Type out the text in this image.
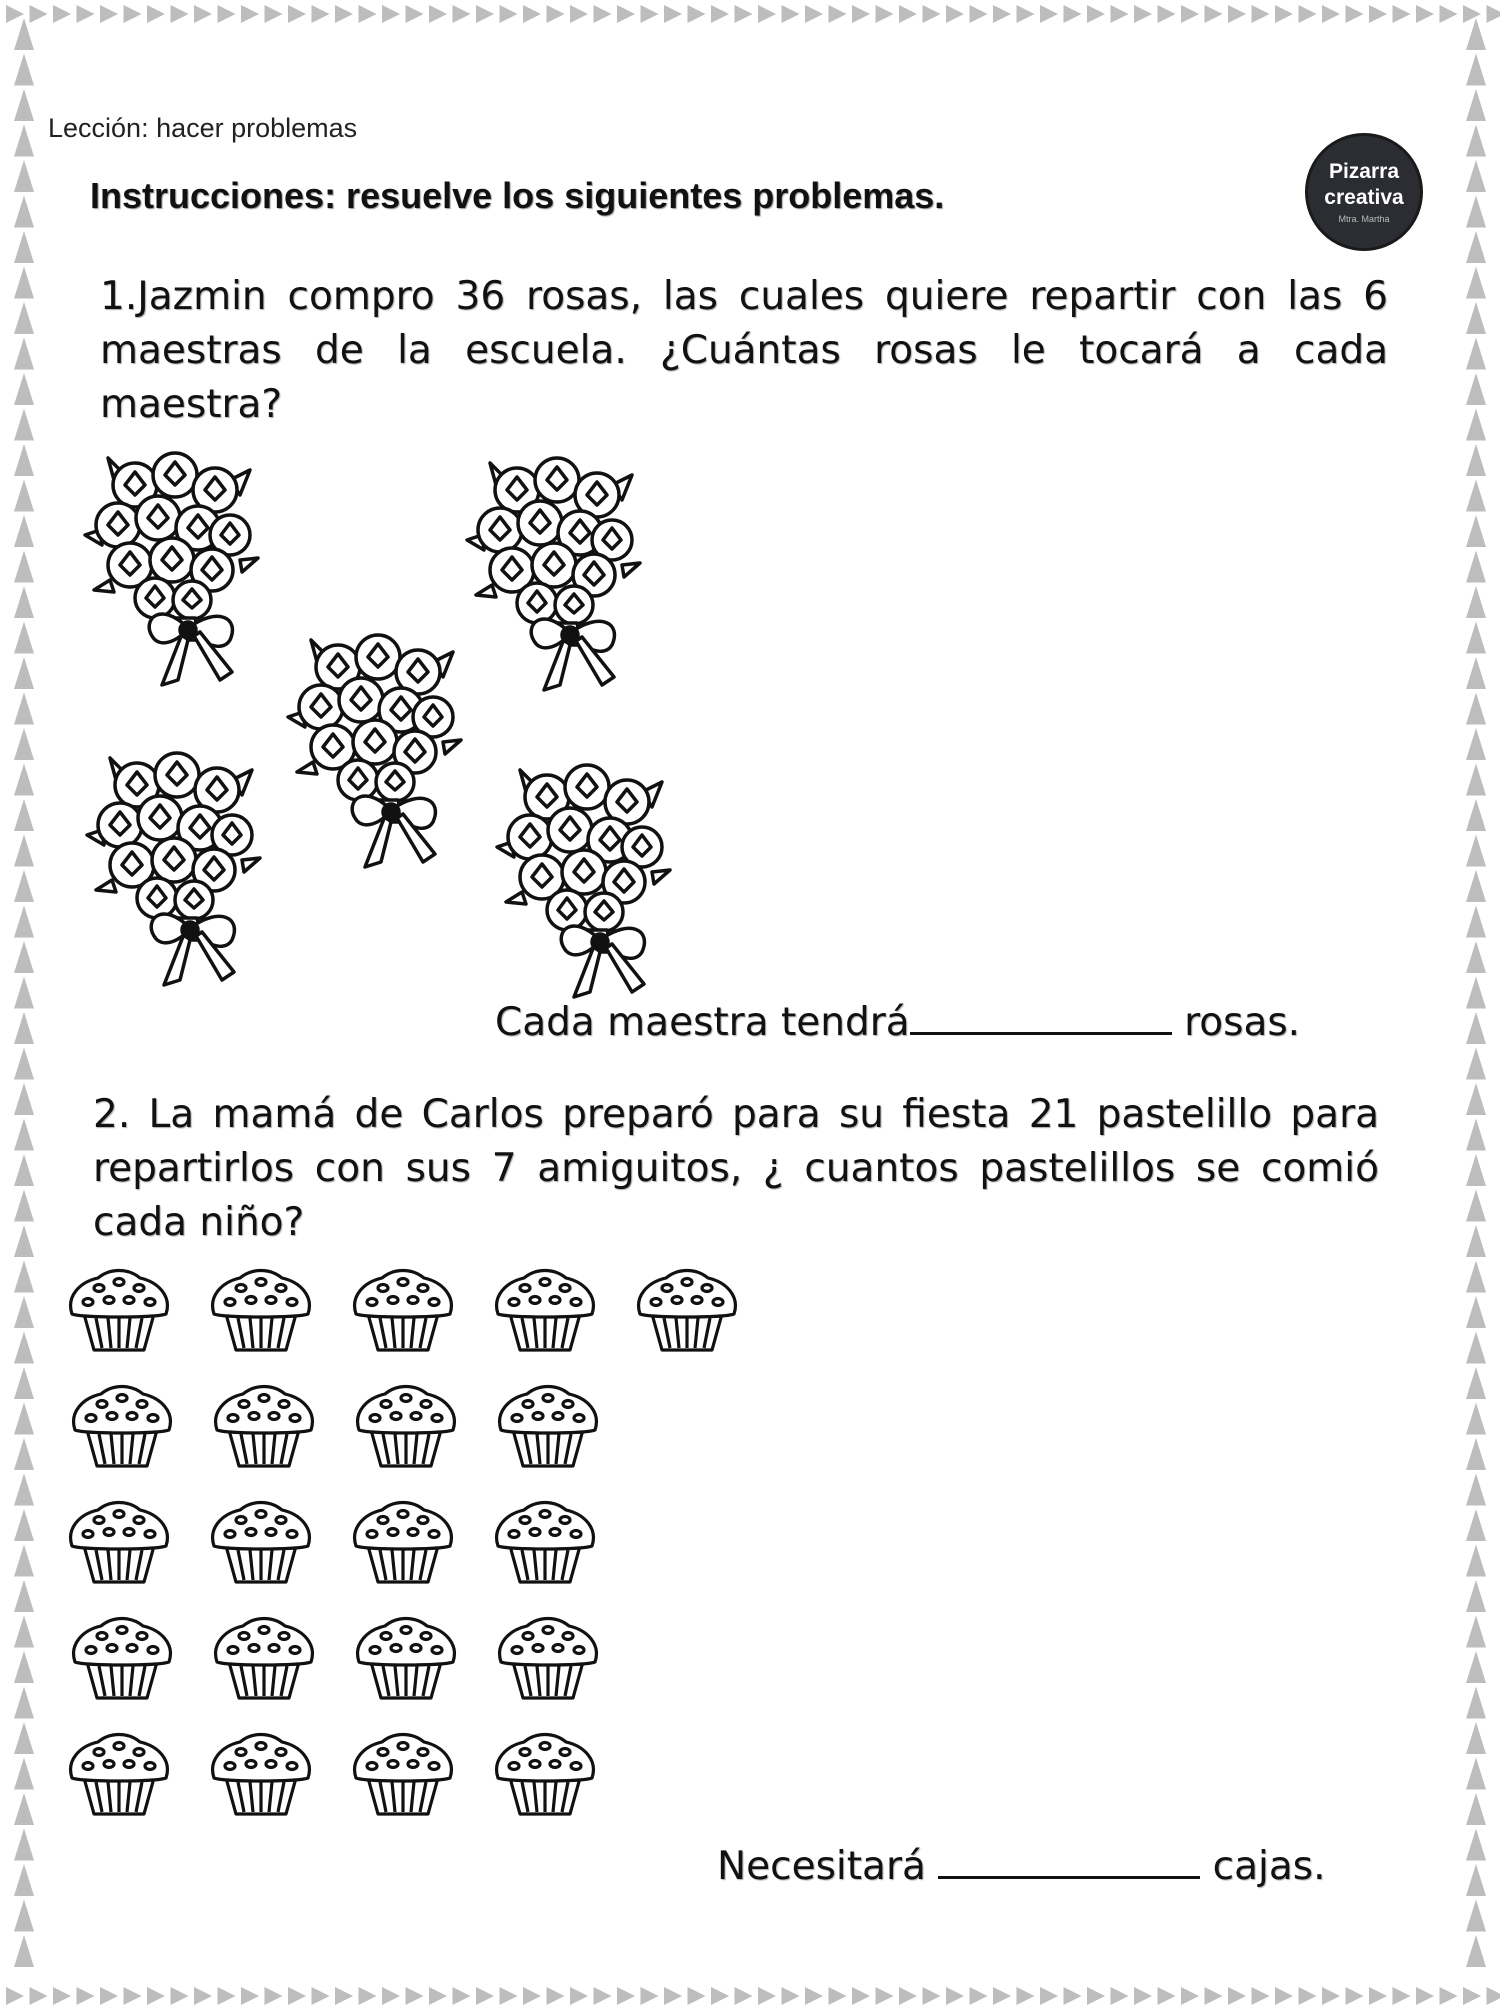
Lección: hacer problemas
Instrucciones: resuelve los siguientes problemas.
Pizarra
creativa
Mtra. Martha
1.Jazmin compro 36 rosas, las cuales quiere repartir con las 6 maestras de la escuela. ¿Cuántas rosas le tocará a cada maestra?
Cada maestra tendrá	rosas.
2. La mamá de Carlos preparó para su fiesta 21 pastelillo para repartirlos con sus 7 amiguitos, ¿ cuantos pastelillos se comió cada niño?
Necesitará	cajas.
